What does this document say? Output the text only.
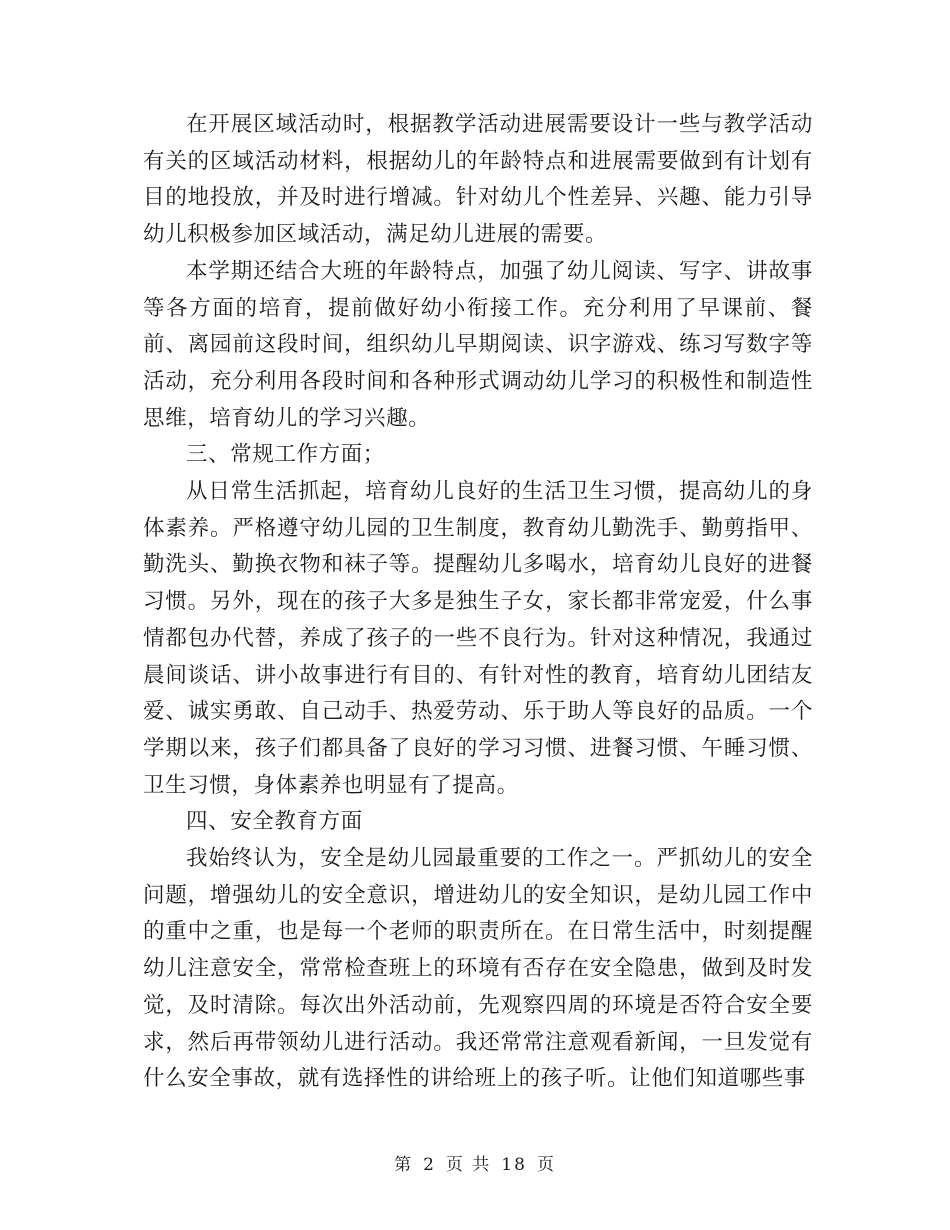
在开展区域活动时，根据教学活动进展需要设计一些与教学活动有关的区域活动材料，根据幼儿的年龄特点和进展需要做到有计划有目的地投放，并及时进行增减。针对幼儿个性差异、兴趣、能力引导幼儿积极参加区域活动，满足幼儿进展的需要。

本学期还结合大班的年龄特点，加强了幼儿阅读、写字、讲故事等各方面的培育，提前做好幼小衔接工作。充分利用了早课前、餐前、离园前这段时间，组织幼儿早期阅读、识字游戏、练习写数字等活动，充分利用各段时间和各种形式调动幼儿学习的积极性和制造性思维，培育幼儿的学习兴趣。

三、常规工作方面；

从日常生活抓起，培育幼儿良好的生活卫生习惯，提高幼儿的身体素养。严格遵守幼儿园的卫生制度，教育幼儿勤洗手、勤剪指甲、勤洗头、勤换衣物和袜子等。提醒幼儿多喝水，培育幼儿良好的进餐习惯。另外，现在的孩子大多是独生子女，家长都非常宠爱，什么事情都包办代替，养成了孩子的一些不良行为。针对这种情况，我通过晨间谈话、讲小故事进行有目的、有针对性的教育，培育幼儿团结友爱、诚实勇敢、自己动手、热爱劳动、乐于助人等良好的品质。一个学期以来，孩子们都具备了良好的学习习惯、进餐习惯、午睡习惯、卫生习惯，身体素养也明显有了提高。

四、安全教育方面

我始终认为，安全是幼儿园最重要的工作之一。严抓幼儿的安全问题，增强幼儿的安全意识，增进幼儿的安全知识，是幼儿园工作中的重中之重，也是每一个老师的职责所在。在日常生活中，时刻提醒幼儿注意安全，常常检查班上的环境有否存在安全隐患，做到及时发觉，及时清除。每次出外活动前，先观察四周的环境是否符合安全要求，然后再带领幼儿进行活动。我还常常注意观看新闻，一旦发觉有什么安全事故，就有选择性的讲给班上的孩子听。让他们知道哪些事

第 2 页 共 18 页
